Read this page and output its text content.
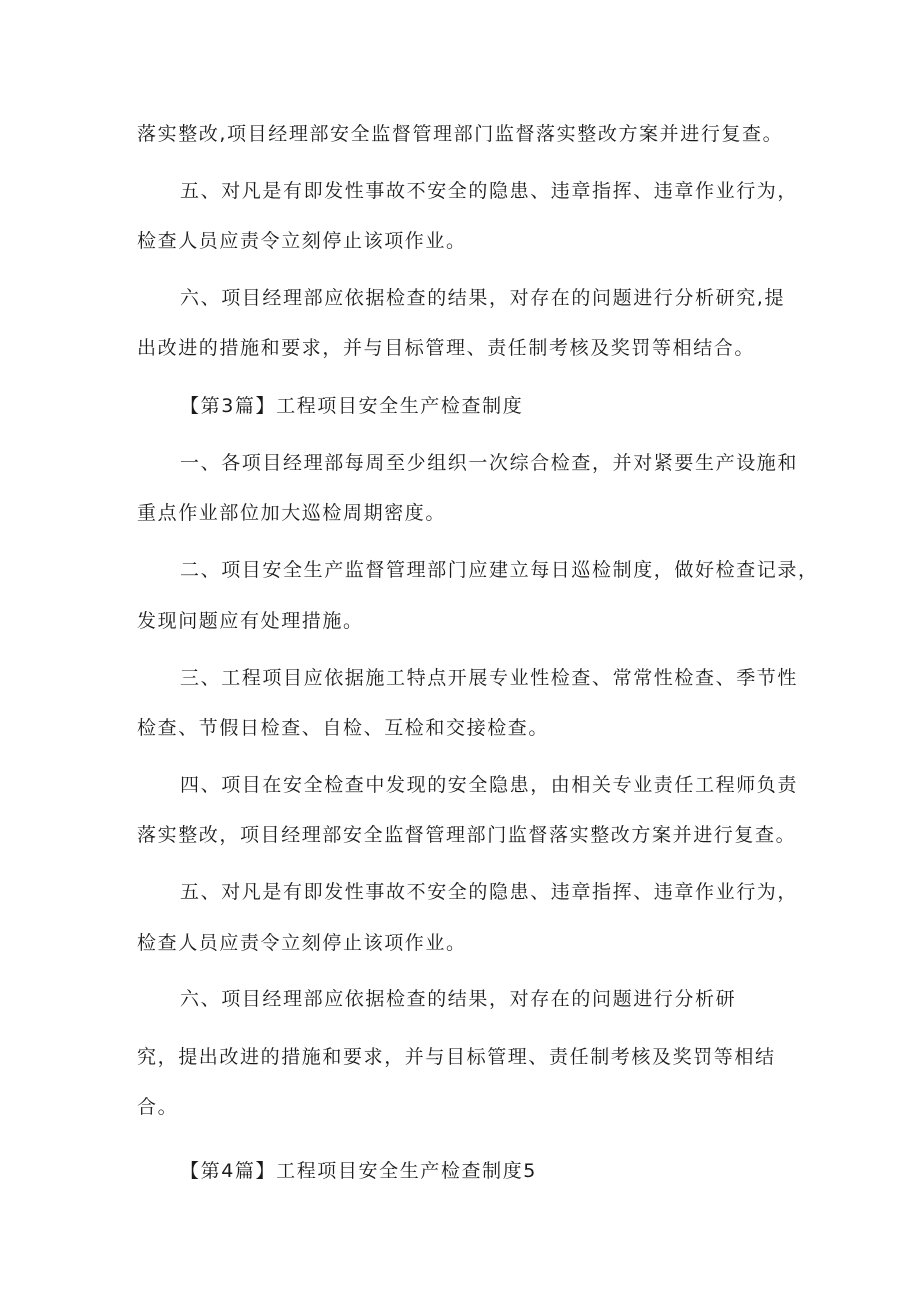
落实整改,项目经理部安全监督管理部门监督落实整改方案并进行复查。

五、对凡是有即发性事故不安全的隐患、违章指挥、违章作业行为，

检查人员应责令立刻停止该项作业。

六、项目经理部应依据检查的结果，对存在的问题进行分析研究,提

出改进的措施和要求，并与目标管理、责任制考核及奖罚等相结合。

【第3篇】工程项目安全生产检查制度

一、各项目经理部每周至少组织一次综合检查，并对紧要生产设施和

重点作业部位加大巡检周期密度。

二、项目安全生产监督管理部门应建立每日巡检制度，做好检查记录，

发现问题应有处理措施。

三、工程项目应依据施工特点开展专业性检查、常常性检查、季节性

检查、节假日检查、自检、互检和交接检查。

四、项目在安全检查中发现的安全隐患，由相关专业责任工程师负责

落实整改，项目经理部安全监督管理部门监督落实整改方案并进行复查。

五、对凡是有即发性事故不安全的隐患、违章指挥、违章作业行为，

检查人员应责令立刻停止该项作业。

六、项目经理部应依据检查的结果，对存在的问题进行分析研

究，提出改进的措施和要求，并与目标管理、责任制考核及奖罚等相结

合。

【第4篇】工程项目安全生产检查制度5
